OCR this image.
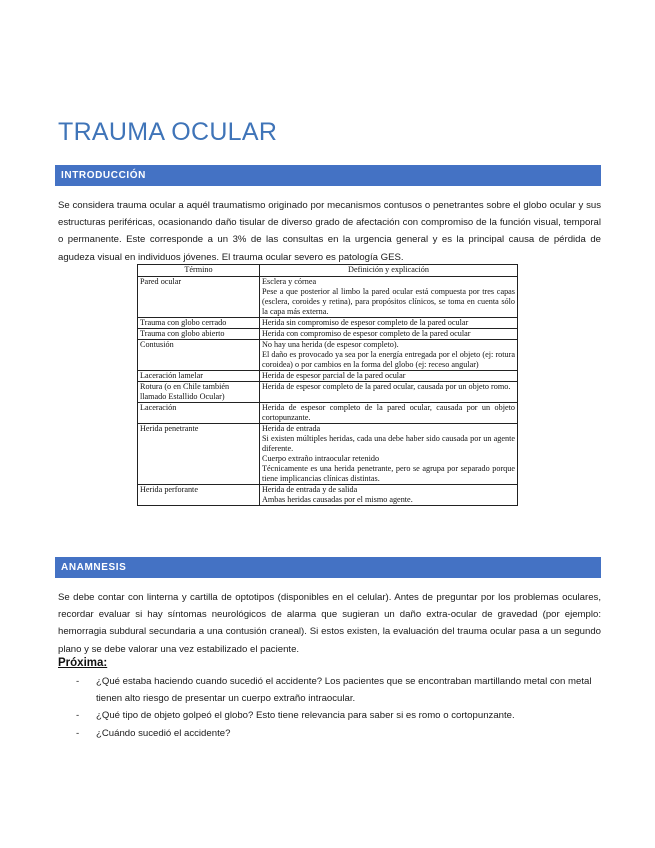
TRAUMA OCULAR
INTRODUCCIÓN
Se considera trauma ocular a aquél traumatismo originado por mecanismos contusos o penetrantes sobre el globo ocular y sus estructuras periféricas, ocasionando daño tisular de diverso grado de afectación con compromiso de la función visual, temporal o permanente. Este corresponde a un 3% de las consultas en la urgencia general y es la principal causa de pérdida de agudeza visual en individuos jóvenes. El trauma ocular severo es patología GES.
Término	Definición y explicación
Pared ocular	Esclera y córnea
Pese a que posterior al limbo la pared ocular está compuesta por tres capas (esclera, coroides y retina), para propósitos clínicos, se toma en cuenta sólo la capa más externa.

Trauma con globo cerrado	Herida sin compromiso de espesor completo de la pared ocular

Trauma con globo abierto	Herida con compromiso de espesor completo de la pared ocular

Contusión	No hay una herida (de espesor completo).
El daño es provocado ya sea por la energía entregada por el objeto (ej: rotura coroidea) o por cambios en la forma del globo (ej: receso angular)

Laceración lamelar	Herida de espesor parcial de la pared ocular

Rotura (o en Chile también llamado Estallido Ocular)	Herida de espesor completo de la pared ocular, causada por un objeto romo.

Laceración	Herida de espesor completo de la pared ocular, causada por un objeto cortopunzante.

Herida penetrante	Herida de entrada
Si existen múltiples heridas, cada una debe haber sido causada por un agente diferente.
Cuerpo extraño intraocular retenido
Técnicamente es una herida penetrante, pero se agrupa por separado porque tiene implicancias clínicas distintas.

Herida perforante	Herida de entrada y de salida
Ambas heridas causadas por el mismo agente.
ANAMNESIS
Se debe contar con linterna y cartilla de optotipos (disponibles en el celular). Antes de preguntar por los problemas oculares, recordar evaluar si hay síntomas neurológicos de alarma que sugieran un daño extra-ocular de gravedad (por ejemplo: hemorragia subdural secundaria a una contusión craneal). Si estos existen, la evaluación del trauma ocular pasa a un segundo plano y se debe valorar una vez estabilizado el paciente.
Próxima:
- ¿Qué estaba haciendo cuando sucedió el accidente? Los pacientes que se encontraban martillando metal con metal tienen alto riesgo de presentar un cuerpo extraño intraocular.
- ¿Qué tipo de objeto golpeó el globo? Esto tiene relevancia para saber si es romo o cortopunzante.
- ¿Cuándo sucedió el accidente?
